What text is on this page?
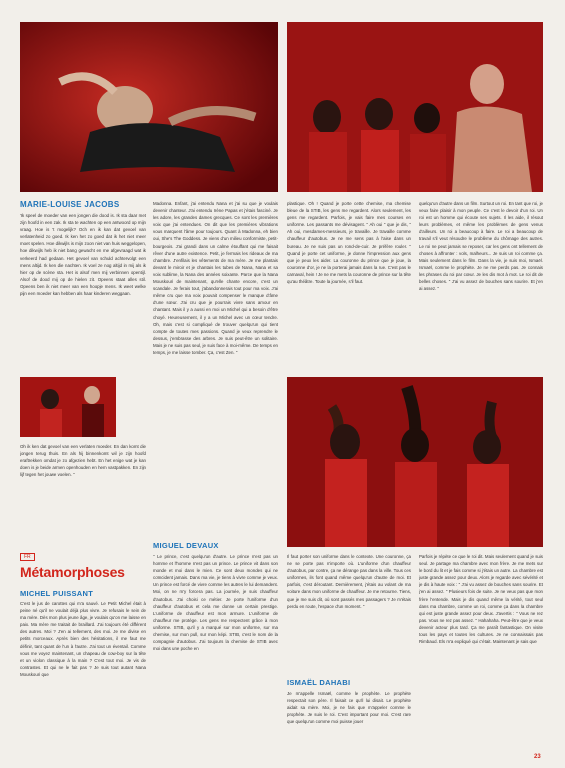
MARIE-LOUISE JACOBS
'Ik speel de moeder van een jongen die dood is. Ik sta daar met zijn hoofd in een zak. Ik sta te wachten op een antwoord op mijn vraag. Hoe is 't mogelijk? Och en ik kan dat gevoel van verlatenheid zo goed. Ik ken het zo goed dat ik het niet meer moet spelen. Hoe dikwijls is mijn zoon niet van huis weggelopen, hoe dikwijls heb ik niet bang gewacht en me afgevraagd wat ik verkeerd had gedaan. Het gevoel van schuld achtervolgt een mens altijd. Ik ken die nachten. Ik voel ze nog altijd in mij als ik hier op de scène sta. Het is alsof men mij verbinnen opentijl. Alsof de dood mij op de hielen zit. Opeens staat alles stil. Opeens ben ik niet meer van een hoopje mens. Ik weet welke pijn een moeder kan hebben als haar kinderen weggaan.
Oh ik ken dat gevoel van een verlaten moeder. En dan komt die jongen terug thuis. En als hij binnenkomt wil je zijn hoofd eraftrekken omdat je zo afgezien hebt. En het enige wat je kan doen is je beide armen openhouden en hem vastpakken. En zijn lijf tegen het jouwe voelen. "
Madonna. Enfant, j'ai entendu Nana et j'ai su que je voulais devenir chanteur. J'ai entendu Irène Papas et j'étais fasciné. Je les adore, les grandes dames grecques. Ce sont les premières voix que j'ai entendues. On dit que les premières vibrations vous marquent l'âme pour toujours. Quant à Madonna, eh bien oui, She's The Goddess. Je viens d'un milieu conformiste, petit-bourgeois. J'ai grandi dans un calme étouffant qui me faisait rêver d'une autre existence. Petit, je fermais les rideaux de ma chambre. J'enfilais les vêtements de ma mère. Je me plantais devant le miroir et je chantais les tubes de Nana, Nana et sa voix sublime, la Nana des années soixante. Parce que la Nana Mouskouri de maintenant, qu'elle chante encore, c'est un scandale. Je ferais tout, j'abandonnerais tout pour ma voix. J'ai même cru que ma voix pouvait compenser le manque d'âme d'une sœur. J'ai cru que je pourrais vivre sans amour en chantant. Mais il y a aussi en moi un Michel qui a besoin d'être choyé. Heureusement, il y a un Michel avec un cœur tendre. Oh, mais c'est si compliqué de trouver quelqu'un qui tient compte de toutes mes passions. Quand je veux reprendre le dessus, j'embrasse des arbres. Je suis peut-être un solitaire. Mais je ne suis pas seul, je suis face à moi-même. De temps en temps, je me laisse tomber. Ça, c'est Zen. "
plastique. Oh ! Quand je porte cette chemise, ma chemise bleue de la STIB, les gens me regardent. Alors seulement, les gens me regardent. Parfois, je vais faire mes courses en uniforme. Les passants me dévisagent. " Ah oui " que je dis, " Ah oui, mesdames-messieurs, je travaille. Je travaille comme chauffeur d'autobus. Je ne me sens pas à l'aise dans un bureau. Je ne suis pas un rond-de-cuir. Je préfère rouler. " Quand je porte cet uniforme, je donne l'impression aux gens que je peux les aider. La couronne du prince que je joue, la couronne d'or, je ne la porterai jamais dans la rue. C'est pas le carnaval, hein ! Je ne me mets la couronne de prince sur la tête qu'au théâtre. Toute la journée, s'il faut.
quelqu'un d'autre dans un film. Surtout un roi. En tant que roi, je veux faire plaisir à mon peuple. Ce c'est le devoir d'un roi. Un roi est un homme qui écoute ses sujets. Il les aide, il résout leurs problèmes, et même les problèmes de gens venus d'ailleurs. Un roi a beaucoup à faire. Le roi a beaucoup de travail s'il veut résoudre le problème du chômage des autres. Le roi ne peut jamais se reposer, car les gens ont tellement de choses à affronter : vols, malheurs... Je suis un roi comme ça. Mais seulement dans le film. Dans la vie, je suis moi, Ismaël. Ismaël, comme le prophète. Je ne me perds pas. Je connais les phrases du roi par cœur. Je les dis mot à mot. Le roi dit de belles choses. " J'ai vu assez de bouches sans sourire. Et j'en ai assez. "
FR
Métamorphoses
MICHEL PUISSANT
C'est le jus de carottes qui m'a sauvé. Le Petit Michel était à peine né qu'il ne voulait déjà plus vivre. Je refusais le sein de ma mère. Dès mon plus jeune âge, je voulais qu'on me laisse en paix. Ma mère me traitait de braillard. J'ai toujours été différent des autres. Moi ? J'en ai tellement, des moi. Je me divise en petits morceaux. Après bien des hésitations, il me faut me définir, tant quant de l'un à l'autre. J'ai tout un éventail. Comme vous me voyez maintenant, un chapeau de cow-boy sur la tête et un violon classique à la main ? C'est tout moi. Je vis de contrastes. Et qui ne le fait pas ? Je suis tout autant Nana Mouskouri que
MIGUEL DEVAUX
" Le prince, c'est quelqu'un d'autre. Le prince n'est pas un homme et l'homme n'est pas un prince. Le prince vit dans son monde et moi dans le mien. Ce sont deux mondes qui ne coïncident jamais. Dans ma vie, je tiens à vivre comme je veux. Un prince est forcé de vivre comme les autres le lui demandent. Moi, on ne m'y forcera pas. La journée, je suis chauffeur d'autobus. J'ai choisi ce métier. Je porte l'uniforme d'un chauffeur d'autobus et cela me donne un certain prestige. L'uniforme de chauffeur est mon armure. L'uniforme de chauffeur me protège. Les gens me respectent grâce à mon uniforme. STIB, qu'il y a marqué sur mon uniforme, sur ma chemise, sur mon pull, sur mon képi. STIB, c'est le nom de la compagnie d'autobus. J'ai toujours la chemise de STIB avec moi dans une poche en
Il faut porter son uniforme dans le contexte. Une couronne, ça ne se porte pas n'importe où. L'uniforme d'un chauffeur d'autobus, par contre, ça ne dérange pas dans la ville. Tous ces uniformes, ils font quand même quelqu'un d'autre de moi. Et parfois, c'est déroutant. Dernièrement, j'étais au volant de ma voiture dans mon uniforme de chauffeur. Je me retourne. Tiens, que je me suis dit, où sont passés mes passagers ? Je m'étais perdu en route, l'espace d'un moment. "
ISMAËL DAHABI
Je m'appelle Ismaël, comme le prophète. Le prophète respectait son père. Il faisait ce qu'il lui disait. Le prophète aidait sa mère. Moi, je ne fais que m'appeler comme le prophète. Je suis le roi. C'est important pour moi. C'est rare que quelqu'un comme moi puisse jouer
Parfois je répète ce que le roi dit. Mais seulement quand je suis seul. Je partage ma chambre avec mon frère. Je me mets sur le bord du lit et je fais comme si j'étais un autre. La chambre est juste grande assez pour deux. Alors je regarde avec sévérité et je dis à haute voix : " J'ai vu assez de bouches sans sourire. Et j'en ai assez. " Plusieurs fois de suite. Je ne veux pas que mon frère l'entende. Mais je dis quand même la vérité, tout seul dans ma chambre, comme un roi, comme ça dans la chambre qui est juste grande assez pour deux. J'avertis : " Vous ne rez pas. Vous ne rez pas assez. " Hahahaha. Peut-être que je veux devenir acteur plus tard. Ça me paraît fantastique. On visite tous les pays et toutes les cultures. Je ne connaissais pas Rimbaud. Els m'a expliqué qui c'était. Maintenant je sais que
23
